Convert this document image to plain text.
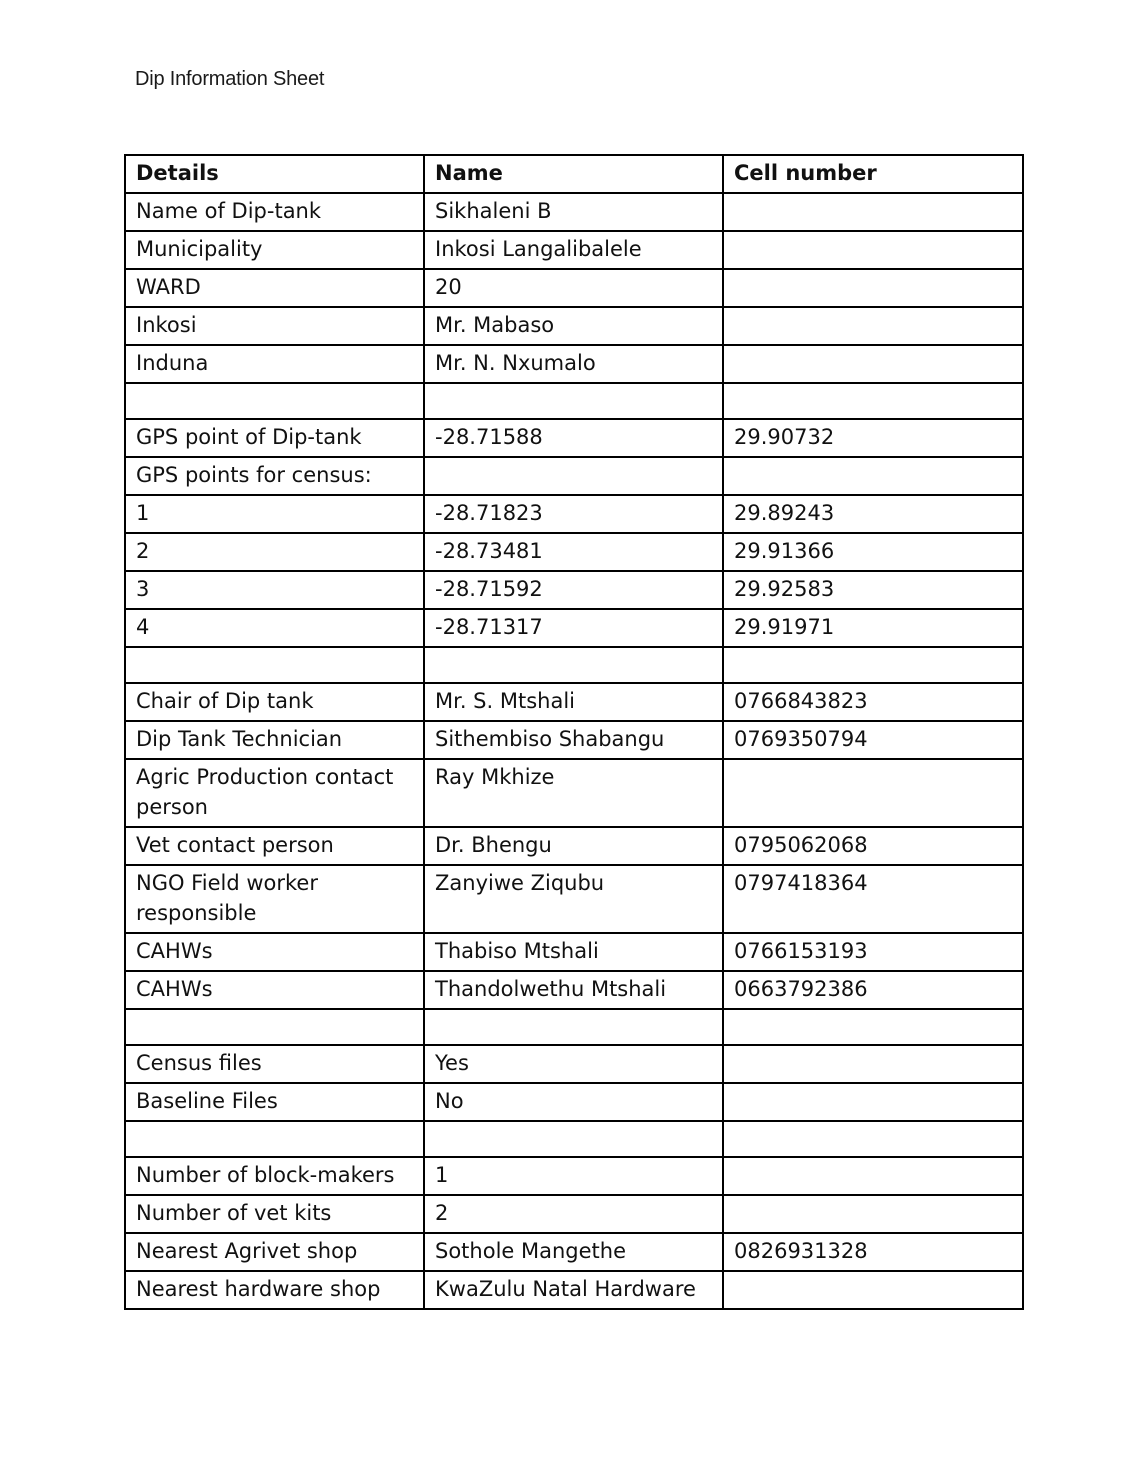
Dip Information Sheet
Details	Name	Cell number
Name of Dip-tank	Sikhaleni B	
Municipality	Inkosi Langalibalele	
WARD	20	
Inkosi	Mr. Mabaso	
Induna	Mr. N. Nxumalo	

GPS point of Dip-tank	-28.71588	29.90732
GPS points for census:		
1	-28.71823	29.89243
2	-28.73481	29.91366
3	-28.71592	29.92583
4	-28.71317	29.91971

Chair of Dip tank	Mr. S. Mtshali	0766843823
Dip Tank Technician	Sithembiso Shabangu	0769350794
Agric Production contact person	Ray Mkhize	
Vet contact person	Dr. Bhengu	0795062068
NGO Field worker responsible	Zanyiwe Ziqubu	0797418364
CAHWs	Thabiso Mtshali	0766153193
CAHWs	Thandolwethu Mtshali	0663792386

Census files	Yes	
Baseline Files	No	

Number of block-makers	1	
Number of vet kits	2	
Nearest Agrivet shop	Sothole Mangethe	0826931328
Nearest hardware shop	KwaZulu Natal Hardware	
